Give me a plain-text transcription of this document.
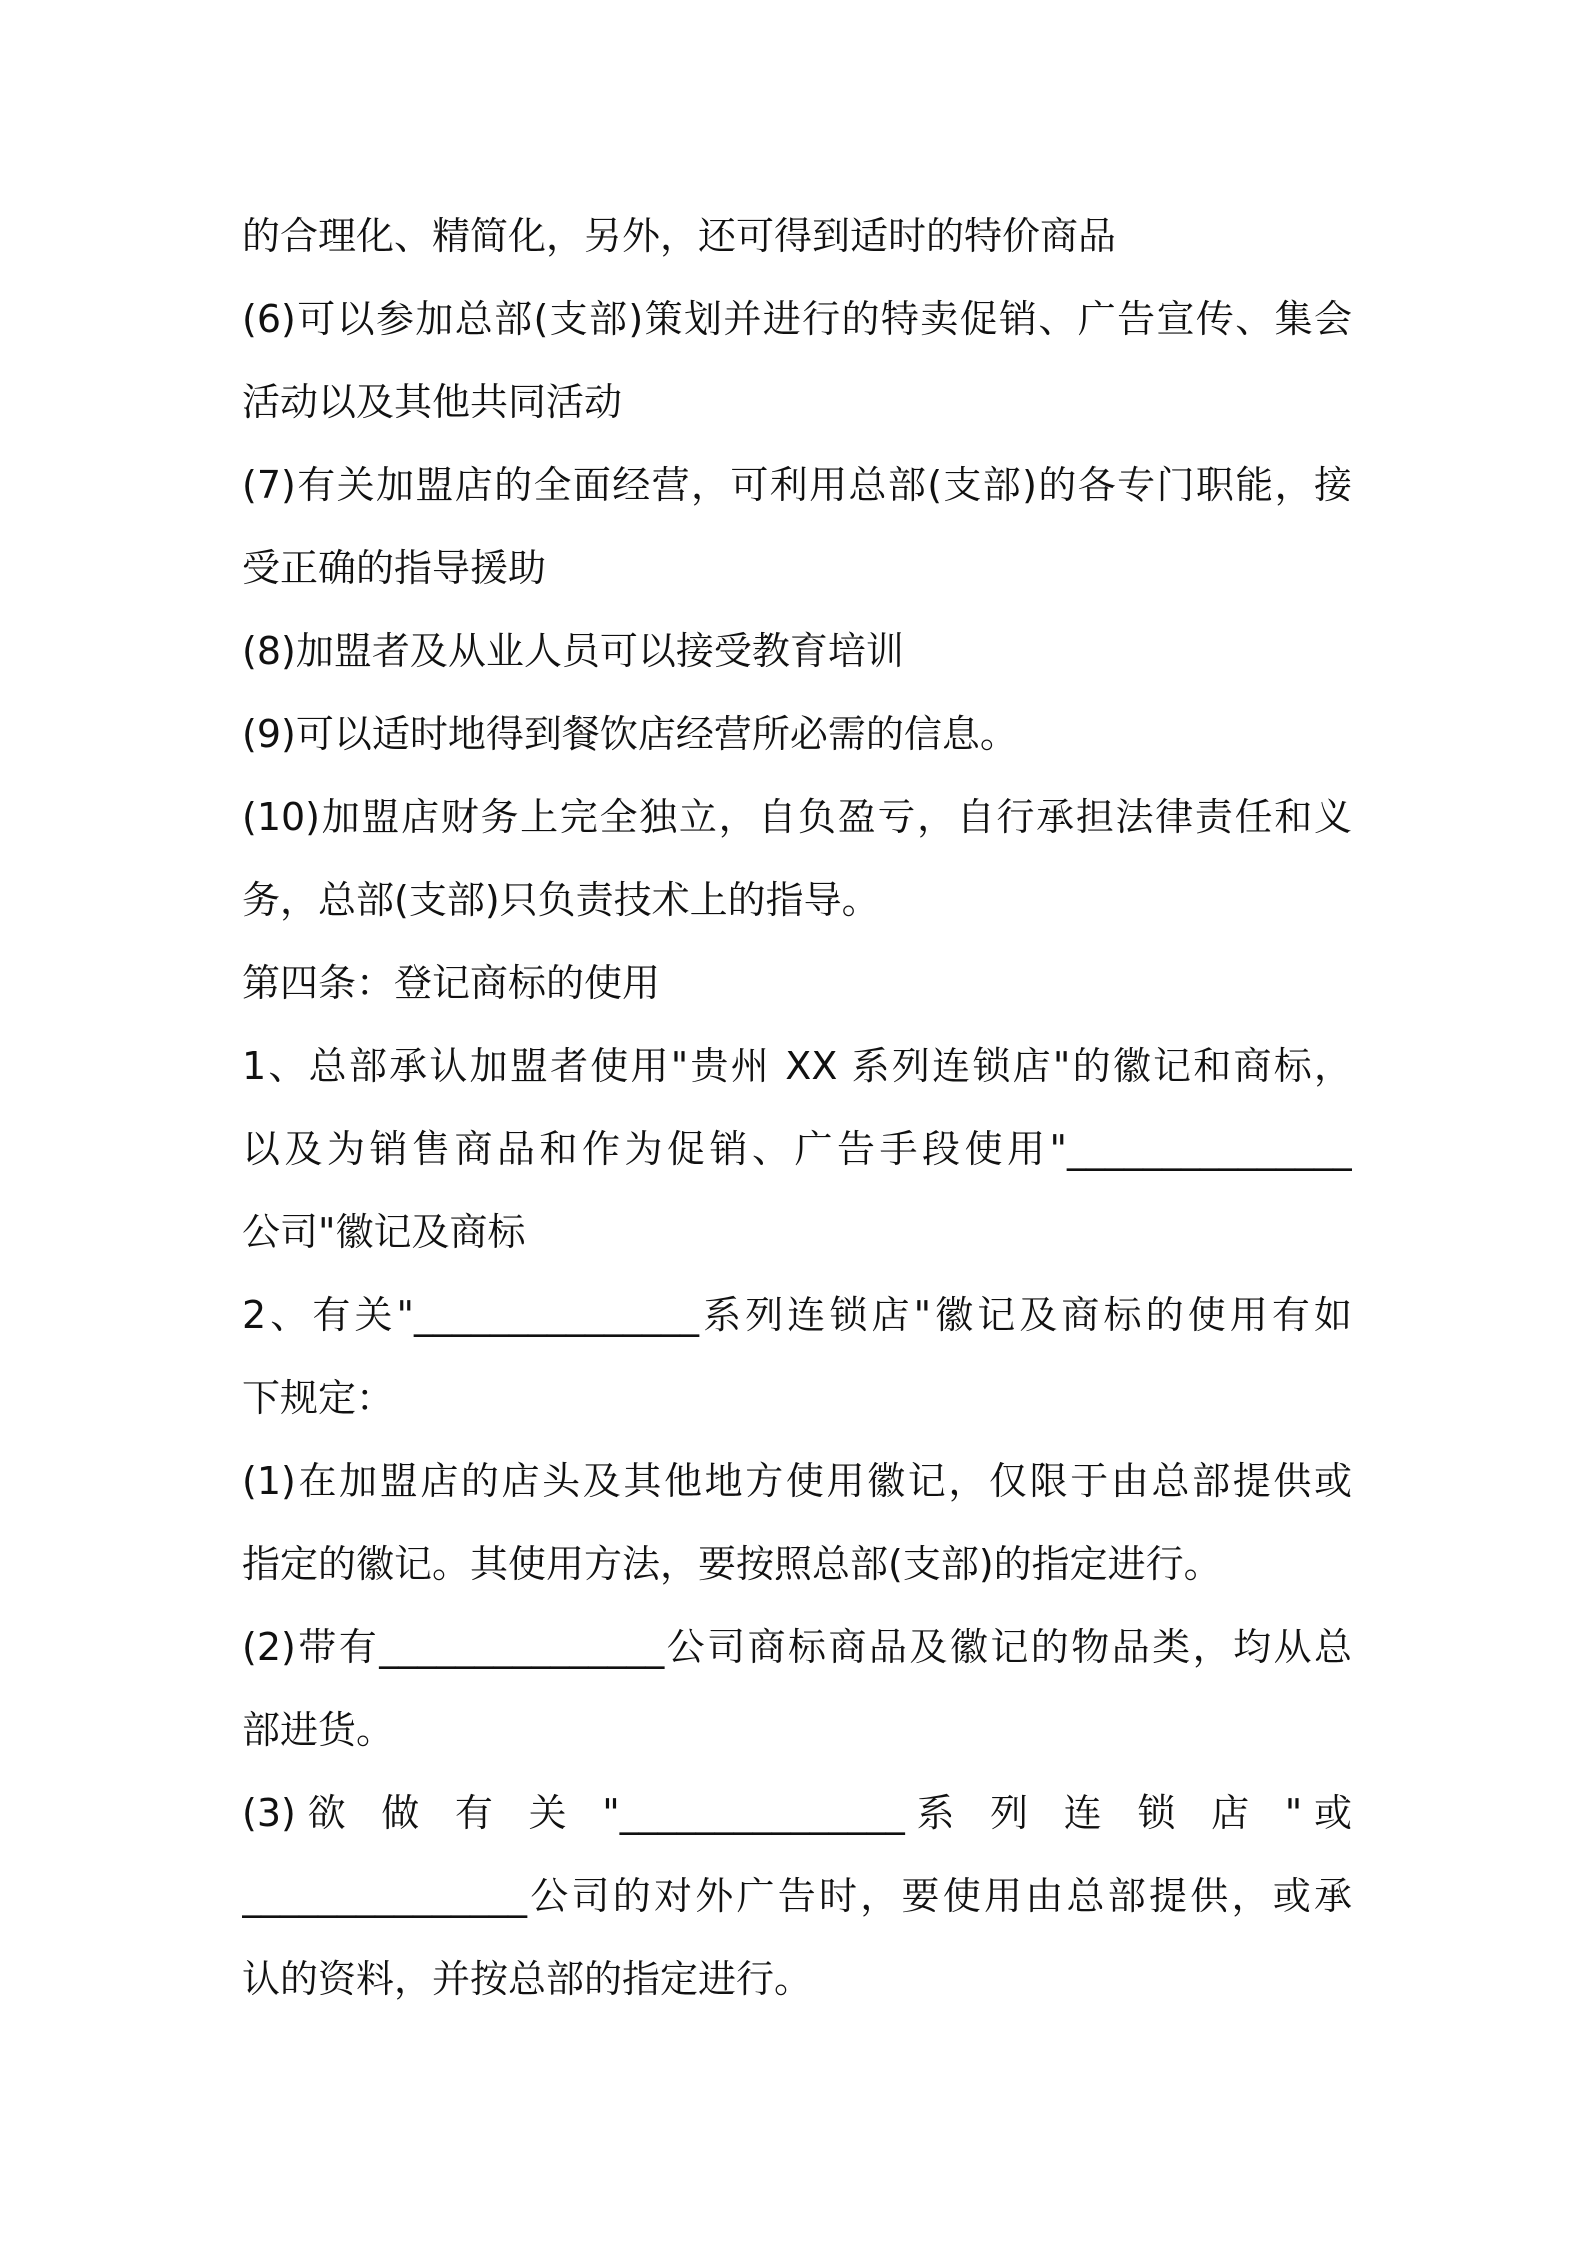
的合理化、精简化，另外，还可得到适时的特价商品
(6)可以参加总部(支部)策划并进行的特卖促销、广告宣传、集会
活动以及其他共同活动
(7)有关加盟店的全面经营，可利用总部(支部)的各专门职能，接
受正确的指导援助
(8)加盟者及从业人员可以接受教育培训
(9)可以适时地得到餐饮店经营所必需的信息。
(10)加盟店财务上完全独立，自负盈亏，自行承担法律责任和义
务，总部(支部)只负责技术上的指导。
第四条：登记商标的使用
1、总部承认加盟者使用"贵州 XX 系列连锁店"的徽记和商标，
以及为销售商品和作为促销、广告手段使用"_______________
公司"徽记及商标
2、有关"_______________系列连锁店"徽记及商标的使用有如
下规定：
(1)在加盟店的店头及其他地方使用徽记，仅限于由总部提供或
指定的徽记。其使用方法，要按照总部(支部)的指定进行。
(2)带有_______________公司商标商品及徽记的物品类，均从总
部进货。
(3)欲 做 有 关 "_______________系 列 连 锁 店 "或
_______________公司的对外广告时，要使用由总部提供，或承
认的资料，并按总部的指定进行。
